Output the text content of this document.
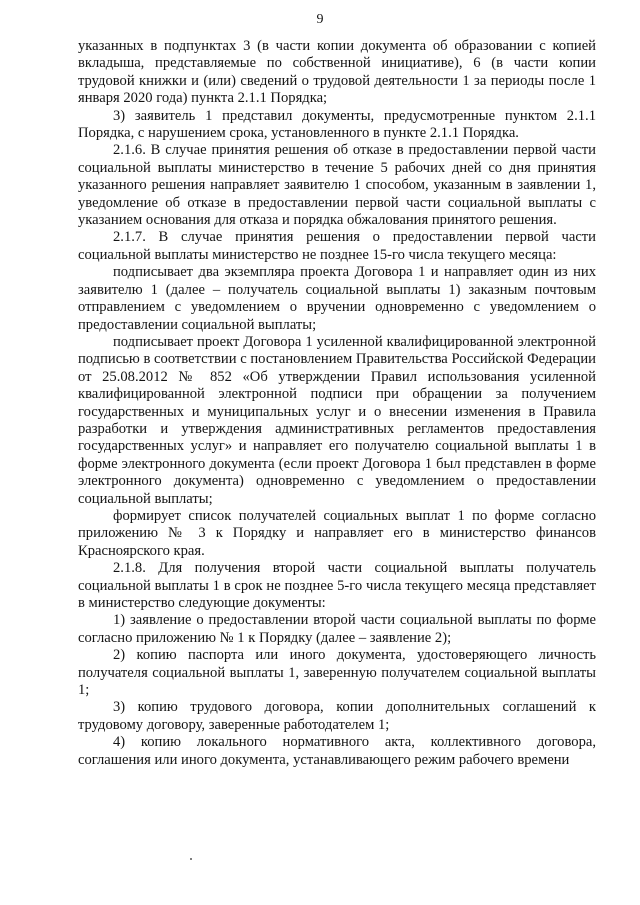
9

указанных в подпунктах 3 (в части копии документа об образовании с копией вкладыша, представляемые по собственной инициативе), 6 (в части копии трудовой книжки и (или) сведений о трудовой деятельности 1 за периоды после 1 января 2020 года) пункта 2.1.1 Порядка;

3) заявитель 1 представил документы, предусмотренные пунктом 2.1.1 Порядка, с нарушением срока, установленного в пункте 2.1.1 Порядка.

2.1.6. В случае принятия решения об отказе в предоставлении первой части социальной выплаты министерство в течение 5 рабочих дней со дня принятия указанного решения направляет заявителю 1 способом, указанным в заявлении 1, уведомление об отказе в предоставлении первой части социальной выплаты с указанием основания для отказа и порядка обжалования принятого решения.

2.1.7. В случае принятия решения о предоставлении первой части социальной выплаты министерство не позднее 15-го числа текущего месяца:

подписывает два экземпляра проекта Договора 1 и направляет один из них заявителю 1 (далее – получатель социальной выплаты 1) заказным почтовым отправлением с уведомлением о вручении одновременно с уведомлением о предоставлении социальной выплаты;

подписывает проект Договора 1 усиленной квалифицированной электронной подписью в соответствии с постановлением Правительства Российской Федерации от 25.08.2012 № 852 «Об утверждении Правил использования усиленной квалифицированной электронной подписи при обращении за получением государственных и муниципальных услуг и о внесении изменения в Правила разработки и утверждения административных регламентов предоставления государственных услуг» и направляет его получателю социальной выплаты 1 в форме электронного документа (если проект Договора 1 был представлен в форме электронного документа) одновременно с уведомлением о предоставлении социальной выплаты;

формирует список получателей социальных выплат 1 по форме согласно приложению № 3 к Порядку и направляет его в министерство финансов Красноярского края.

2.1.8. Для получения второй части социальной выплаты получатель социальной выплаты 1 в срок не позднее 5-го числа текущего месяца представляет в министерство следующие документы:

1) заявление о предоставлении второй части социальной выплаты по форме согласно приложению № 1 к Порядку (далее – заявление 2);

2) копию паспорта или иного документа, удостоверяющего личность получателя социальной выплаты 1, заверенную получателем социальной выплаты 1;

3) копию трудового договора, копии дополнительных соглашений к трудовому договору, заверенные работодателем 1;

4) копию локального нормативного акта, коллективного договора, соглашения или иного документа, устанавливающего режим рабочего времени
